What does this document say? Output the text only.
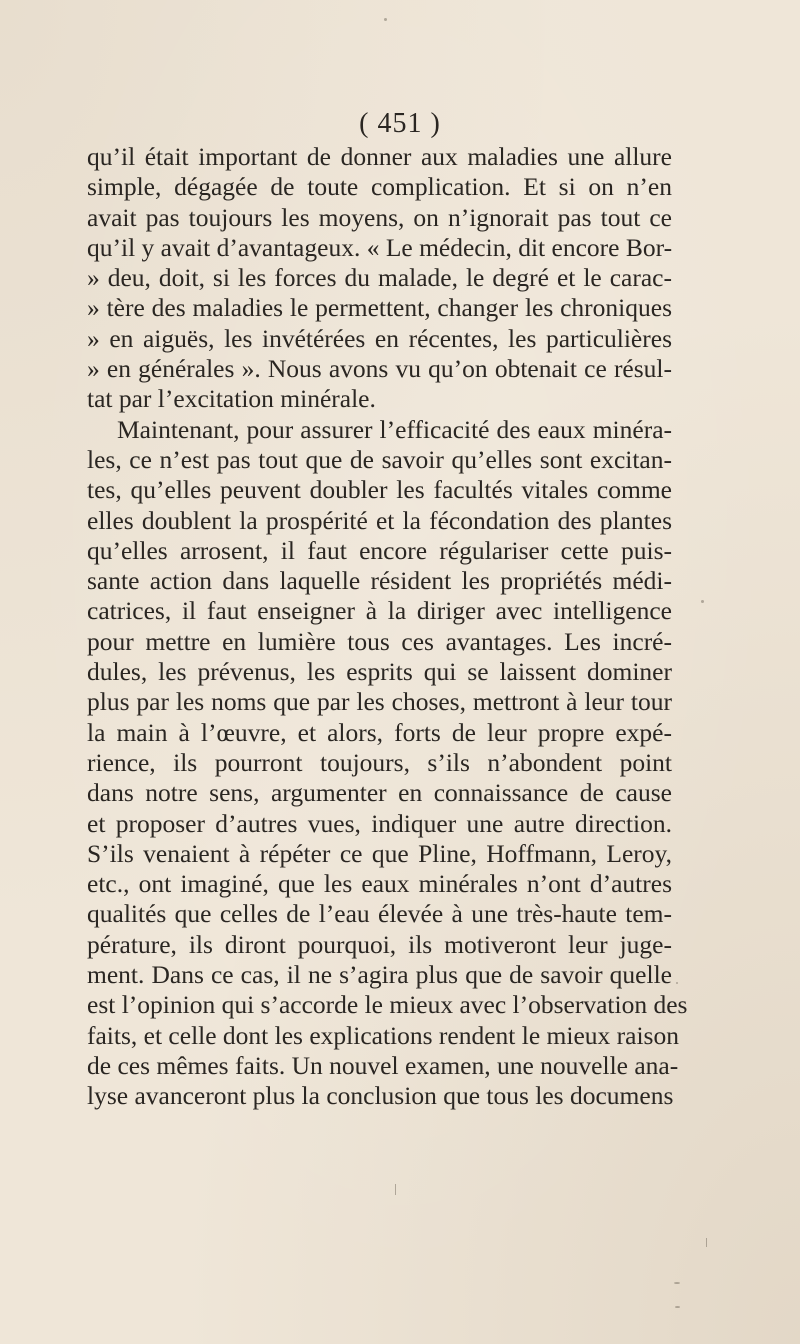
( 451 )
qu’il était important de donner aux maladies une allure
simple, dégagée de toute complication. Et si on n’en
avait pas toujours les moyens, on n’ignorait pas tout ce
qu’il y avait d’avantageux. « Le médecin, dit encore Bor-
» deu, doit, si les forces du malade, le degré et le carac-
» tère des maladies le permettent, changer les chroniques
» en aiguës, les invétérées en récentes, les particulières
» en générales ». Nous avons vu qu’on obtenait ce résul-
tat par l’excitation minérale.
Maintenant, pour assurer l’efficacité des eaux minéra-
les, ce n’est pas tout que de savoir qu’elles sont excitan-
tes, qu’elles peuvent doubler les facultés vitales comme
elles doublent la prospérité et la fécondation des plantes
qu’elles arrosent, il faut encore régulariser cette puis-
sante action dans laquelle résident les propriétés médi-
catrices, il faut enseigner à la diriger avec intelligence
pour mettre en lumière tous ces avantages. Les incré-
dules, les prévenus, les esprits qui se laissent dominer
plus par les noms que par les choses, mettront à leur tour
la main à l’œuvre, et alors, forts de leur propre expé-
rience, ils pourront toujours, s’ils n’abondent point
dans notre sens, argumenter en connaissance de cause
et proposer d’autres vues, indiquer une autre direction.
S’ils venaient à répéter ce que Pline, Hoffmann, Leroy,
etc., ont imaginé, que les eaux minérales n’ont d’autres
qualités que celles de l’eau élevée à une très-haute tem-
pérature, ils diront pourquoi, ils motiveront leur juge-
ment. Dans ce cas, il ne s’agira plus que de savoir quelle
est l’opinion qui s’accorde le mieux avec l’observation des
faits, et celle dont les explications rendent le mieux raison
de ces mêmes faits. Un nouvel examen, une nouvelle ana-
lyse avanceront plus la conclusion que tous les documens
